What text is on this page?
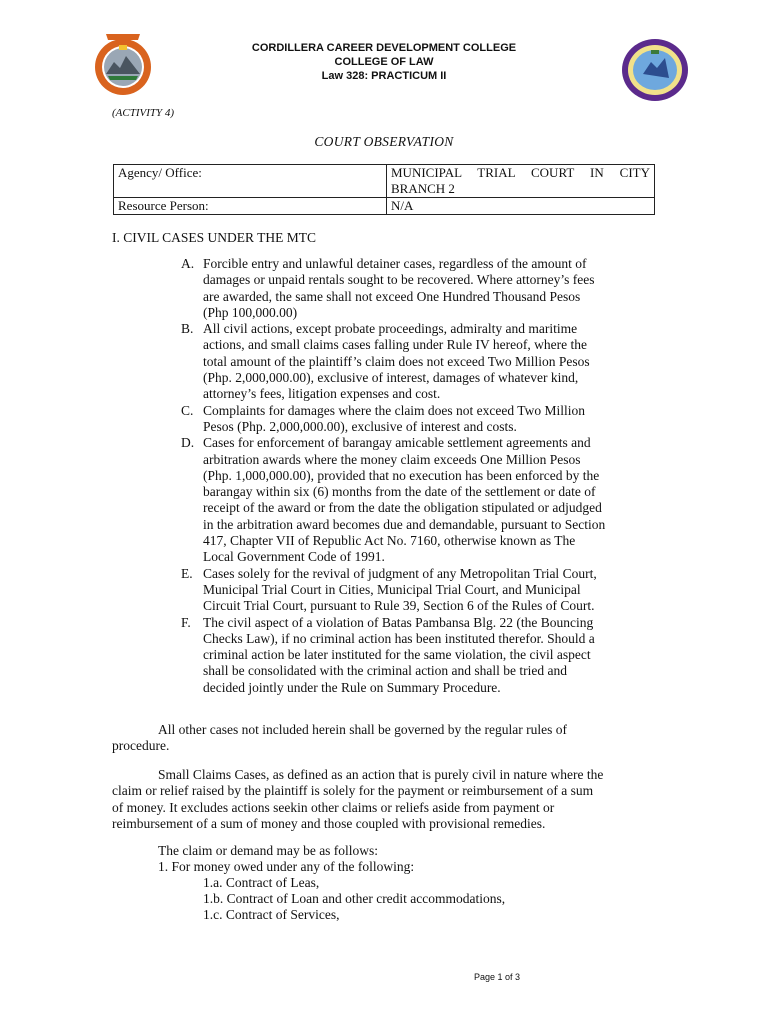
CORDILLERA CAREER DEVELOPMENT COLLEGE
COLLEGE OF LAW
Law 328: PRACTICUM II
(ACTIVITY 4)
COURT OBSERVATION
Agency/ Office:	MUNICIPAL TRIAL COURT IN CITY
BRANCH 2

Resource Person:	N/A
I. CIVIL CASES UNDER THE MTC
A. Forcible entry and unlawful detainer cases, regardless of the amount of
damages or unpaid rentals sought to be recovered. Where attorney’s fees
are awarded, the same shall not exceed One Hundred Thousand Pesos
(Php 100,000.00)
B. All civil actions, except probate proceedings, admiralty and maritime
actions, and small claims cases falling under Rule IV hereof, where the
total amount of the plaintiff’s claim does not exceed Two Million Pesos
(Php. 2,000,000.00), exclusive of interest, damages of whatever kind,
attorney’s fees, litigation expenses and cost.
C. Complaints for damages where the claim does not exceed Two Million
Pesos (Php. 2,000,000.00), exclusive of interest and costs.
D. Cases for enforcement of barangay amicable settlement agreements and
arbitration awards where the money claim exceeds One Million Pesos
(Php. 1,000,000.00), provided that no execution has been enforced by the
barangay within six (6) months from the date of the settlement or date of
receipt of the award or from the date the obligation stipulated or adjudged
in the arbitration award becomes due and demandable, pursuant to Section
417, Chapter VII of Republic Act No. 7160, otherwise known as The
Local Government Code of 1991.
E. Cases solely for the revival of judgment of any Metropolitan Trial Court,
Municipal Trial Court in Cities, Municipal Trial Court, and Municipal
Circuit Trial Court, pursuant to Rule 39, Section 6 of the Rules of Court.
F. The civil aspect of a violation of Batas Pambansa Blg. 22 (the Bouncing
Checks Law), if no criminal action has been instituted therefor. Should a
criminal action be later instituted for the same violation, the civil aspect
shall be consolidated with the criminal action and shall be tried and
decided jointly under the Rule on Summary Procedure.
All other cases not included herein shall be governed by the regular rules of
procedure.
Small Claims Cases, as defined as an action that is purely civil in nature where the
claim or relief raised by the plaintiff is solely for the payment or reimbursement of a sum
of money. It excludes actions seekin other claims or reliefs aside from payment or
reimbursement of a sum of money and those coupled with provisional remedies.
The claim or demand may be as follows:
1. For money owed under any of the following:
1.a. Contract of Leas,
1.b. Contract of Loan and other credit accommodations,
1.c. Contract of Services,
Page 1 of 3
